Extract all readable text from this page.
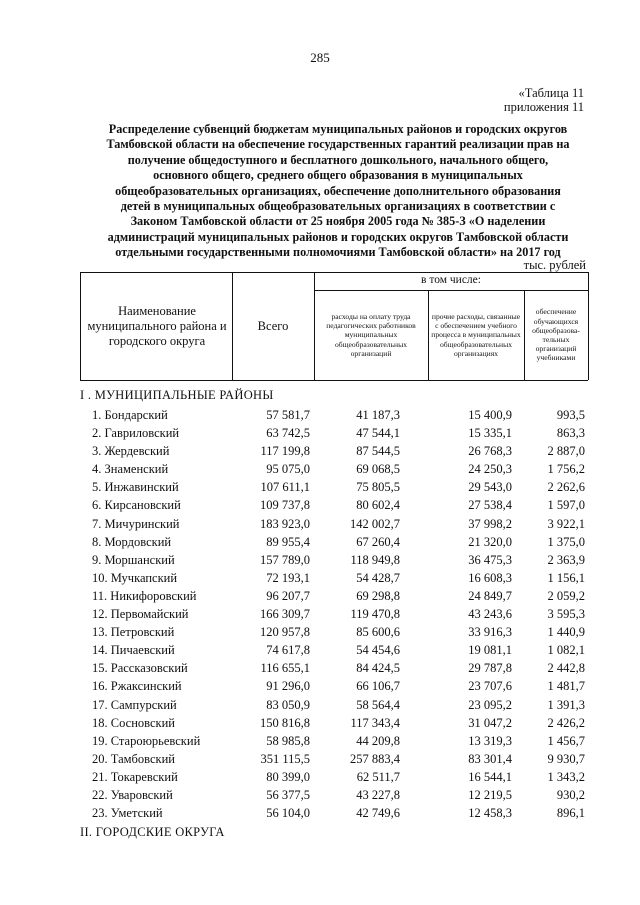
285
«Таблица 11
приложения 11
Распределение субвенций бюджетам муниципальных районов и городских округов
Тамбовской области на обеспечение государственных гарантий реализации прав на
получение общедоступного и бесплатного дошкольного, начального общего,
основного общего, среднего общего образования в муниципальных
общеобразовательных организациях, обеспечение дополнительного образования
детей в муниципальных общеобразовательных организациях в соответствии с
Законом Тамбовской области от 25 ноября 2005 года № 385-З «О наделении
администраций муниципальных районов и городских округов Тамбовской области
отдельными государственными полномочиями Тамбовской области» на 2017 год
тыс. рублей
Наименование муниципального района и городского округа
Всего
в том числе:
расходы на оплату труда педагогических работников муниципальных общеобразовательных организаций
прочие расходы, связанные с обеспечением учебного процесса в муниципальных общеобразовательных организациях
обеспечение обучающихся общеобразова-тельных организаций учебниками
I . МУНИЦИПАЛЬНЫЕ РАЙОНЫ
1. Бондарский	57 581,7	41 187,3	15 400,9	993,5
2. Гавриловский	63 742,5	47 544,1	15 335,1	863,3
3. Жердевский	117 199,8	87 544,5	26 768,3	2 887,0
4. Знаменский	95 075,0	69 068,5	24 250,3	1 756,2
5. Инжавинский	107 611,1	75 805,5	29 543,0	2 262,6
6. Кирсановский	109 737,8	80 602,4	27 538,4	1 597,0
7. Мичуринский	183 923,0	142 002,7	37 998,2	3 922,1
8. Мордовский	89 955,4	67 260,4	21 320,0	1 375,0
9. Моршанский	157 789,0	118 949,8	36 475,3	2 363,9
10. Мучкапский	72 193,1	54 428,7	16 608,3	1 156,1
11. Никифоровский	96 207,7	69 298,8	24 849,7	2 059,2
12. Первомайский	166 309,7	119 470,8	43 243,6	3 595,3
13. Петровский	120 957,8	85 600,6	33 916,3	1 440,9
14. Пичаевский	74 617,8	54 454,6	19 081,1	1 082,1
15. Рассказовский	116 655,1	84 424,5	29 787,8	2 442,8
16. Ржаксинский	91 296,0	66 106,7	23 707,6	1 481,7
17. Сампурский	83 050,9	58 564,4	23 095,2	1 391,3
18. Сосновский	150 816,8	117 343,4	31 047,2	2 426,2
19. Староюрьевский	58 985,8	44 209,8	13 319,3	1 456,7
20. Тамбовский	351 115,5	257 883,4	83 301,4	9 930,7
21. Токаревский	80 399,0	62 511,7	16 544,1	1 343,2
22. Уваровский	56 377,5	43 227,8	12 219,5	930,2
23. Уметский	56 104,0	42 749,6	12 458,3	896,1
II. ГОРОДСКИЕ ОКРУГА
